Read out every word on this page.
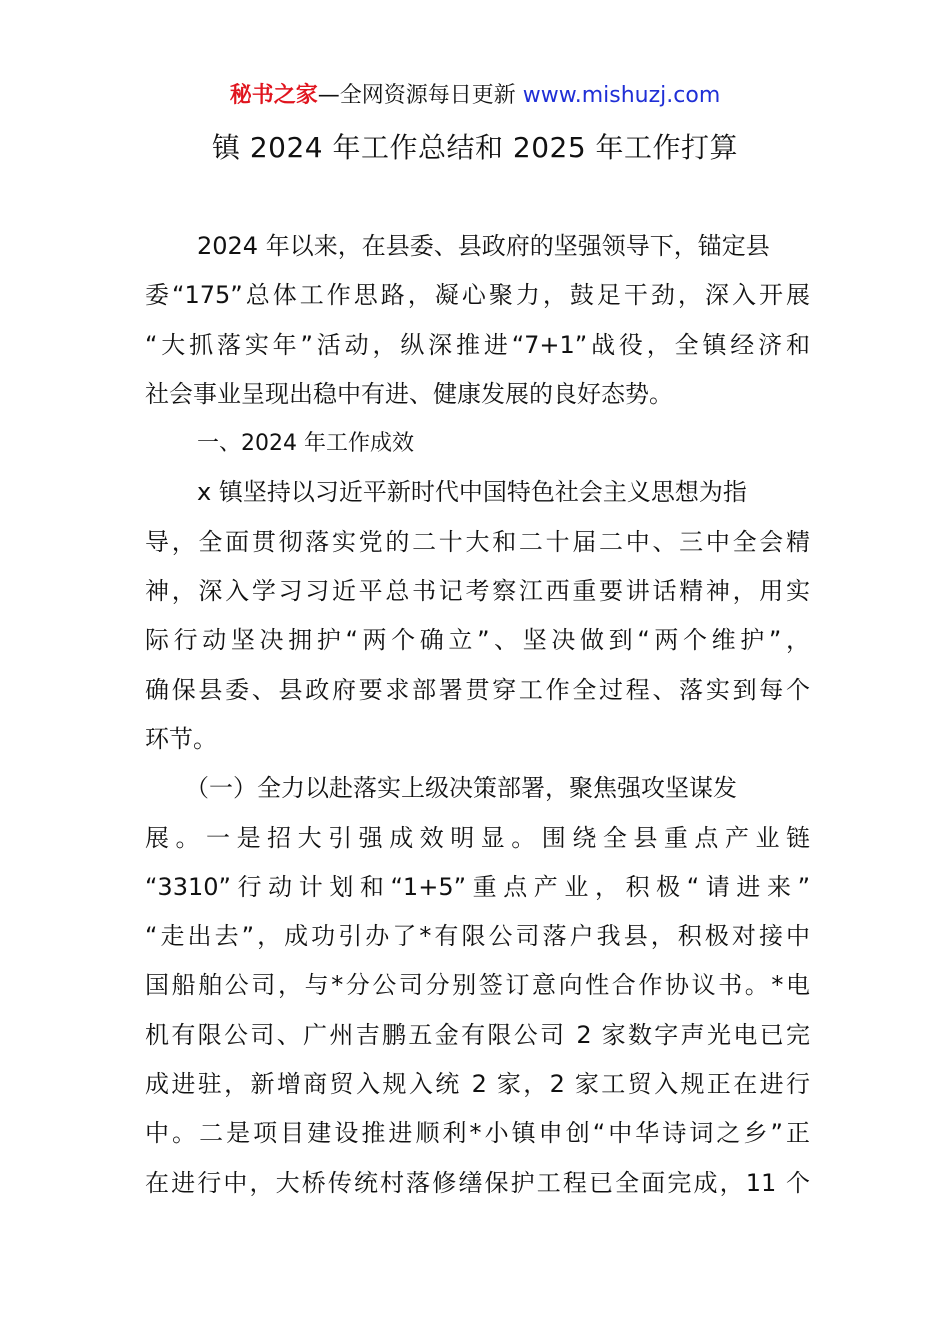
秘书之家—全网资源每日更新 www.mishuzj.com
镇 2024 年工作总结和 2025 年工作打算
2024 年以来，在县委、县政府的坚强领导下，锚定县
委“175”总体工作思路，凝心聚力，鼓足干劲，深入开展
“大抓落实年”活动，纵深推进“7+1”战役，全镇经济和
社会事业呈现出稳中有进、健康发展的良好态势。
一、2024 年工作成效
x 镇坚持以习近平新时代中国特色社会主义思想为指
导，全面贯彻落实党的二十大和二十届二中、三中全会精
神，深入学习习近平总书记考察江西重要讲话精神，用实
际行动坚决拥护“两个确立”、坚决做到“两个维护”，
确保县委、县政府要求部署贯穿工作全过程、落实到每个
环节。
（一）全力以赴落实上级决策部署，聚焦强攻坚谋发
展。一是招大引强成效明显。围绕全县重点产业链
“3310”行动计划和“1+5”重点产业，积极“请进来”
“走出去”，成功引办了*有限公司落户我县，积极对接中
国船舶公司，与*分公司分别签订意向性合作协议书。*电
机有限公司、广州吉鹏五金有限公司 2 家数字声光电已完
成进驻，新增商贸入规入统 2 家，2 家工贸入规正在进行
中。二是项目建设推进顺利*小镇申创“中华诗词之乡”正
在进行中，大桥传统村落修缮保护工程已全面完成，11 个
